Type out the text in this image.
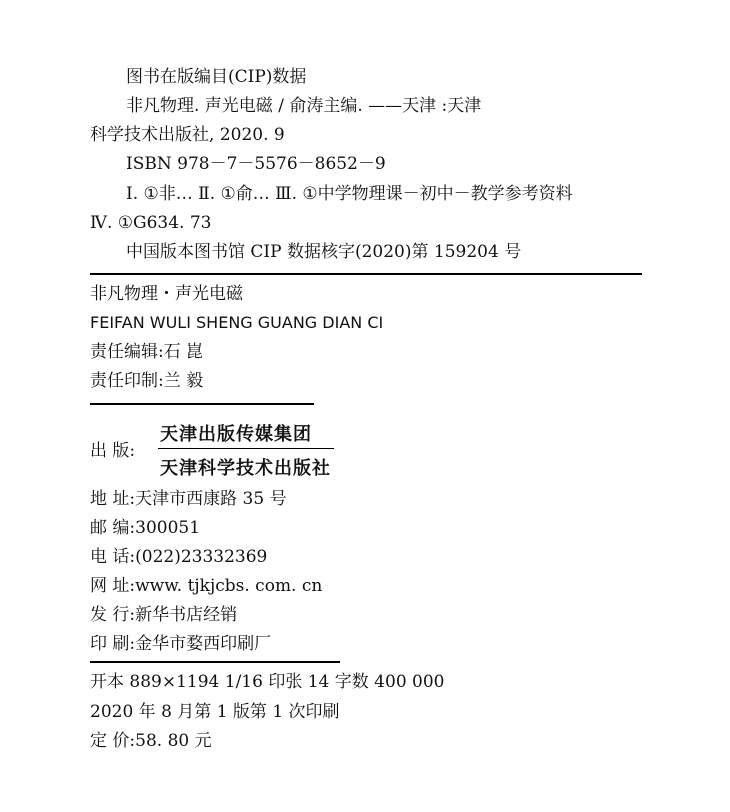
图书在版编目(CIP)数据
非凡物理. 声光电磁 / 俞涛主编. ——天津 :天津
科学技术出版社, 2020. 9
ISBN 978－7－5576－8652－9
Ⅰ. ①非… Ⅱ. ①俞… Ⅲ. ①中学物理课－初中－教学参考资料
Ⅳ. ①G634. 73
中国版本图书馆 CIP 数据核字(2020)第 159204 号
非凡物理・声光电磁
FEIFAN WULI SHENG GUANG DIAN CI
责任编辑:石 崑
责任印制:兰 毅
出 版:
天津出版传媒集团
天津科学技术出版社
地 址:天津市西康路 35 号
邮 编:300051
电 话:(022)23332369
网 址:www. tjkjcbs. com. cn
发 行:新华书店经销
印 刷:金华市婺西印刷厂
开本 889×1194 1/16 印张 14 字数 400 000
2020 年 8 月第 1 版第 1 次印刷
定 价:58. 80 元
